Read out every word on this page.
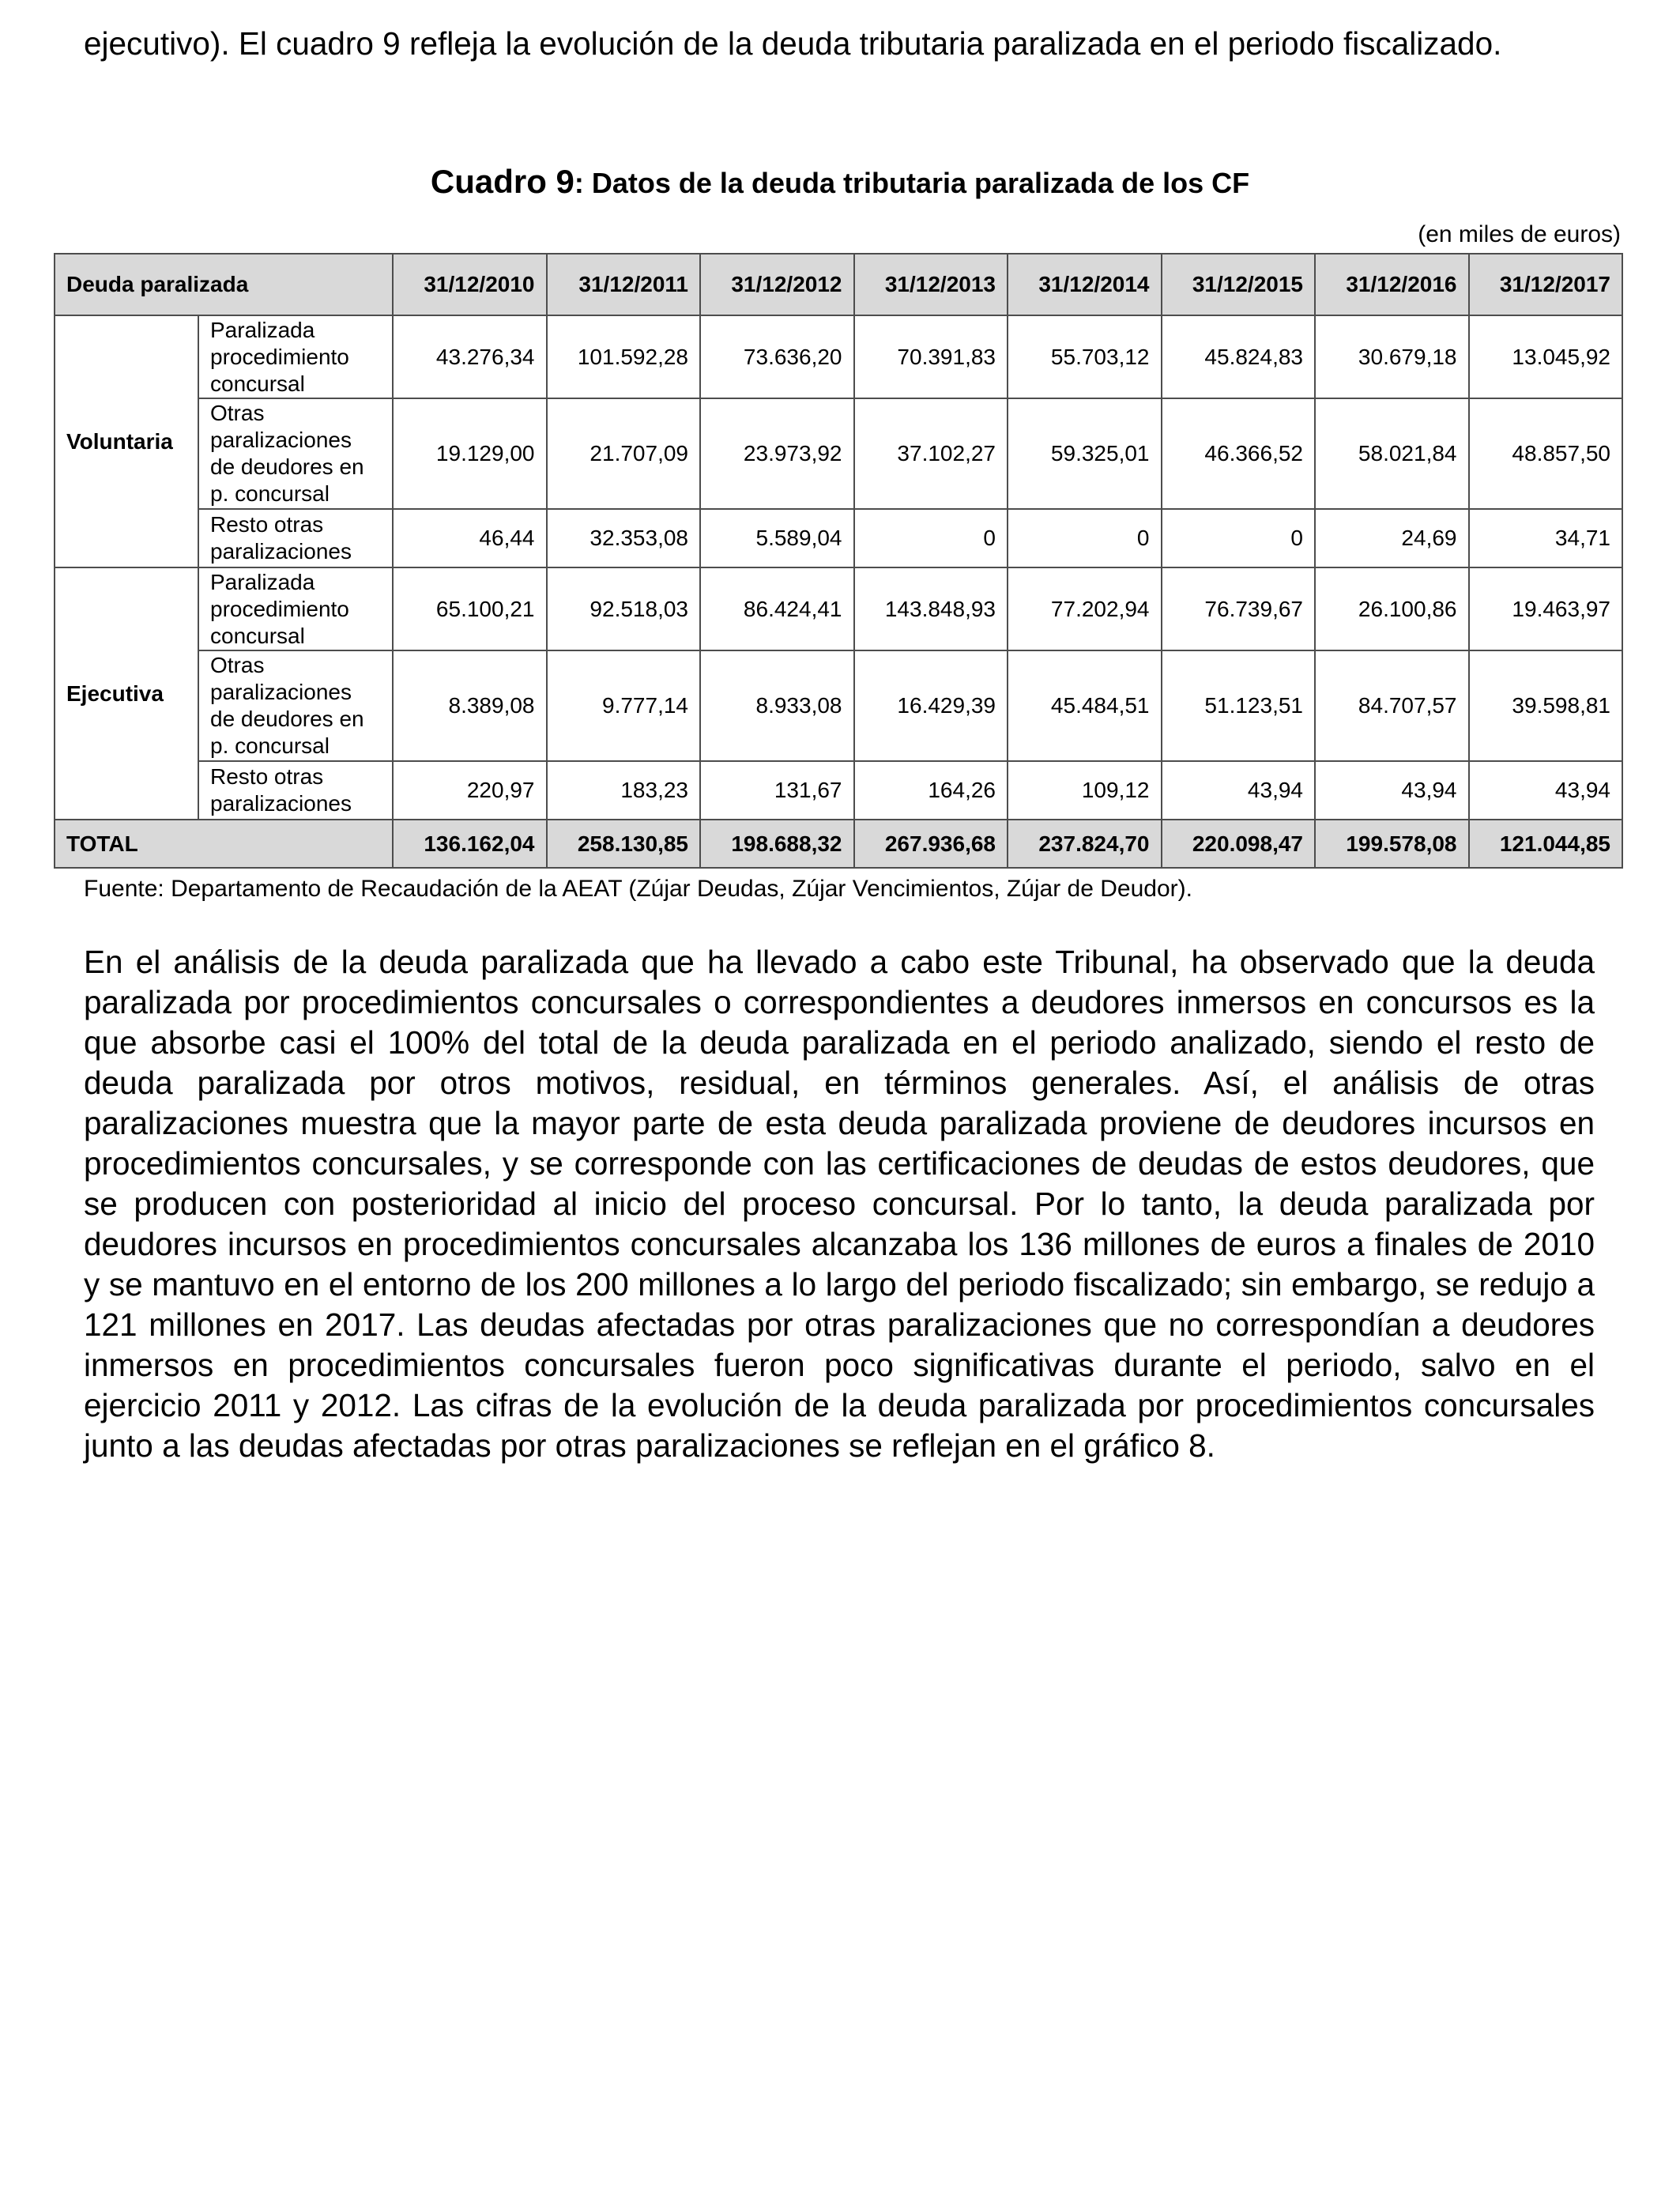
ejecutivo). El cuadro 9 refleja la evolución de la deuda tributaria paralizada en el periodo fiscalizado.

Cuadro 9: Datos de la deuda tributaria paralizada de los CF
(en miles de euros)
Deuda paralizada		31/12/2010	31/12/2011	31/12/2012	31/12/2013	31/12/2014	31/12/2015	31/12/2016	31/12/2017
Voluntaria	Paralizada procedimiento concursal	43.276,34	101.592,28	73.636,20	70.391,83	55.703,12	45.824,83	30.679,18	13.045,92
	Otras paralizaciones de deudores en p. concursal	19.129,00	21.707,09	23.973,92	37.102,27	59.325,01	46.366,52	58.021,84	48.857,50
	Resto otras paralizaciones	46,44	32.353,08	5.589,04	0	0	0	24,69	34,71
Ejecutiva	Paralizada procedimiento concursal	65.100,21	92.518,03	86.424,41	143.848,93	77.202,94	76.739,67	26.100,86	19.463,97
	Otras paralizaciones de deudores en p. concursal	8.389,08	9.777,14	8.933,08	16.429,39	45.484,51	51.123,51	84.707,57	39.598,81
	Resto otras paralizaciones	220,97	183,23	131,67	164,26	109,12	43,94	43,94	43,94
TOTAL		136.162,04	258.130,85	198.688,32	267.936,68	237.824,70	220.098,47	199.578,08	121.044,85
Fuente: Departamento de Recaudación de la AEAT (Zújar Deudas, Zújar Vencimientos, Zújar de Deudor).

En el análisis de la deuda paralizada que ha llevado a cabo este Tribunal, ha observado que la deuda paralizada por procedimientos concursales o correspondientes a deudores inmersos en concursos es la que absorbe casi el 100% del total de la deuda paralizada en el periodo analizado, siendo el resto de deuda paralizada por otros motivos, residual, en términos generales. Así, el análisis de otras paralizaciones muestra que la mayor parte de esta deuda paralizada proviene de deudores incursos en procedimientos concursales, y se corresponde con las certificaciones de deudas de estos deudores, que se producen con posterioridad al inicio del proceso concursal. Por lo tanto, la deuda paralizada por deudores incursos en procedimientos concursales alcanzaba los 136 millones de euros a finales de 2010 y se mantuvo en el entorno de los 200 millones a lo largo del periodo fiscalizado; sin embargo, se redujo a 121 millones en 2017. Las deudas afectadas por otras paralizaciones que no correspondían a deudores inmersos en procedimientos concursales fueron poco significativas durante el periodo, salvo en el ejercicio 2011 y 2012. Las cifras de la evolución de la deuda paralizada por procedimientos concursales junto a las deudas afectadas por otras paralizaciones se reflejan en el gráfico 8.
